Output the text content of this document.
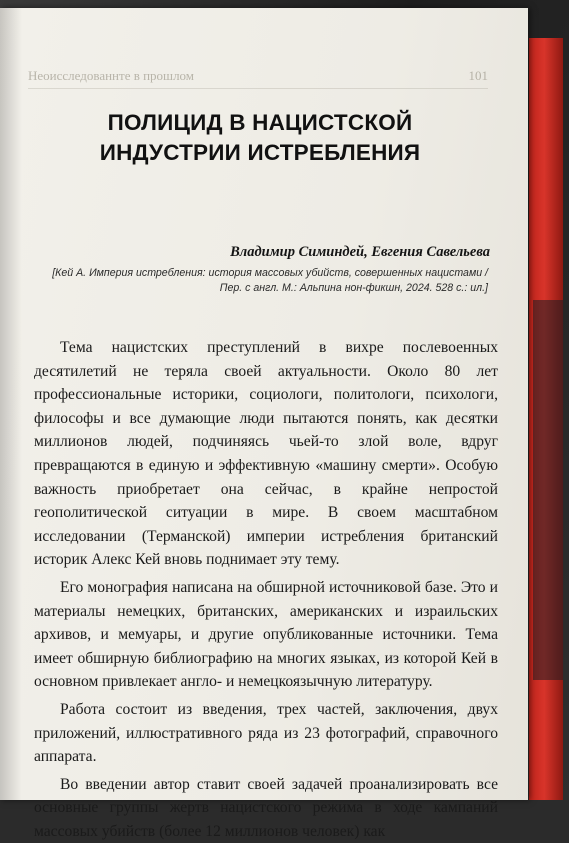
Неоисследованнте в прошлом	101
ПОЛИЦИД В НАЦИСТСКОЙ ИНДУСТРИИ ИСТРЕБЛЕНИЯ
Владимир Симиндей, Евгения Савельева
[Кей А. Империя истребления: история массовых убийств, совершенных нацистами / Пер. с англ. М.: Альпина нон-фикшн, 2024. 528 с.: ил.]

Тема нацистских преступлений в вихре послевоенных десятилетий не теряла своей актуальности. Около 80 лет профессиональные историки, социологи, политологи, психологи, философы и все думающие люди пытаются понять, как десятки миллионов людей, подчиняясь чьей-то злой воле, вдруг превращаются в единую и эффективную «машину смерти». Особую важность приобретает она сейчас, в крайне непростой геополитической ситуации в мире. В своем масштабном исследовании (Терманской) империи истребления британский историк Алекс Кей вновь поднимает эту тему.

Его монография написана на обширной источниковой базе. Это и материалы немецких, британских, американских и израильских архивов, и мемуары, и другие опубликованные источники. Тема имеет обширную библиографию на многих языках, из которой Кей в основном привлекает англо- и немецкоязычную литературу.

Работа состоит из введения, трех частей, заключения, двух приложений, иллюстративного ряда из 23 фотографий, справочного аппарата.

Во введении автор ставит своей задачей проанализировать все основные группы жертв нацистского режима в ходе кампаний массовых убийств (более 12 миллионов человек) как
